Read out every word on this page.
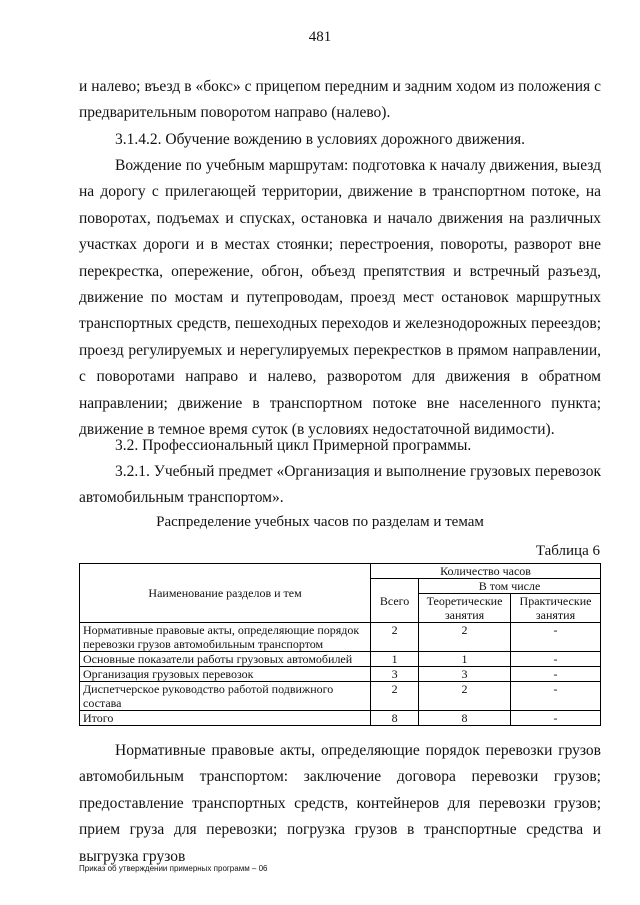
481

и налево; въезд в «бокс» с прицепом передним и задним ходом из положения с предварительным поворотом направо (налево).

3.1.4.2. Обучение вождению в условиях дорожного движения.

Вождение по учебным маршрутам: подготовка к началу движения, выезд на дорогу с прилегающей территории, движение в транспортном потоке, на поворотах, подъемах и спусках, остановка и начало движения на различных участках дороги и в местах стоянки; перестроения, повороты, разворот вне перекрестка, опережение, обгон, объезд препятствия и встречный разъезд, движение по мостам и путепроводам, проезд мест остановок маршрутных транспортных средств, пешеходных переходов и железнодорожных переездов; проезд регулируемых и нерегулируемых перекрестков в прямом направлении, с поворотами направо и налево, разворотом для движения в обратном направлении; движение в транспортном потоке вне населенного пункта; движение в темное время суток (в условиях недостаточной видимости).

3.2. Профессиональный цикл Примерной программы.

3.2.1. Учебный предмет «Организация и выполнение грузовых перевозок автомобильным транспортом».

Распределение учебных часов по разделам и темам
Таблица 6
Наименование разделов и тем	Количество часов		
	Всего	В том числе	
		Теоретические занятия	Практические занятия
Нормативные правовые акты, определяющие порядок перевозки грузов автомобильным транспортом	2	2	-
Основные показатели работы грузовых автомобилей	1	1	-
Организация грузовых перевозок	3	3	-
Диспетчерское руководство работой подвижного состава	2	2	-
Итого	8	8	-

Нормативные правовые акты, определяющие порядок перевозки грузов автомобильным транспортом: заключение договора перевозки грузов; предоставление транспортных средств, контейнеров для перевозки грузов; прием груза для перевозки; погрузка грузов в транспортные средства и выгрузка грузов

Приказ об утверждении примерных программ – 06
